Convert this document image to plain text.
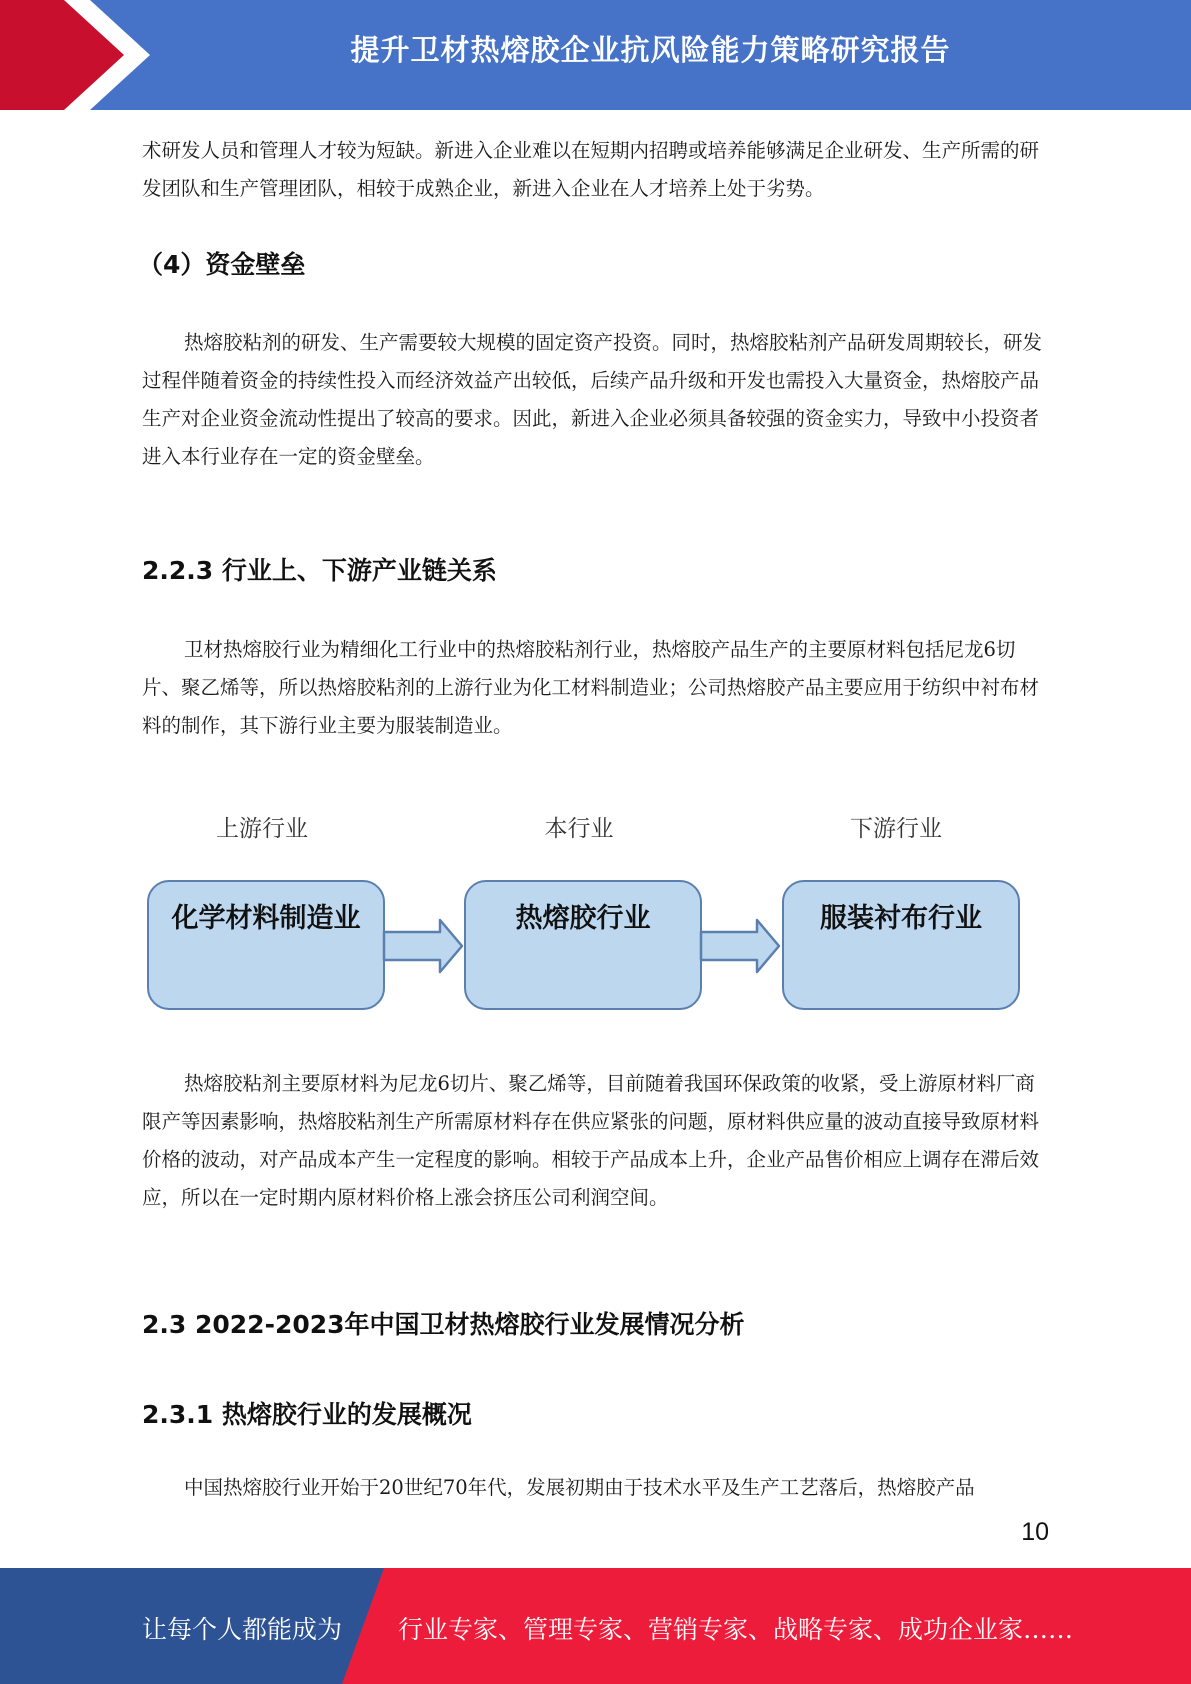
提升卫材热熔胶企业抗风险能力策略研究报告

术研发人员和管理人才较为短缺。新进入企业难以在短期内招聘或培养能够满足企业研发、生产所需的研发团队和生产管理团队，相较于成熟企业，新进入企业在人才培养上处于劣势。

（4）资金壁垒

热熔胶粘剂的研发、生产需要较大规模的固定资产投资。同时，热熔胶粘剂产品研发周期较长，研发过程伴随着资金的持续性投入而经济效益产出较低，后续产品升级和开发也需投入大量资金，热熔胶产品生产对企业资金流动性提出了较高的要求。因此，新进入企业必须具备较强的资金实力，导致中小投资者进入本行业存在一定的资金壁垒。

2.2.3 行业上、下游产业链关系

卫材热熔胶行业为精细化工行业中的热熔胶粘剂行业，热熔胶产品生产的主要原材料包括尼龙6切片、聚乙烯等，所以热熔胶粘剂的上游行业为化工材料制造业；公司热熔胶产品主要应用于纺织中衬布材料的制作，其下游行业主要为服装制造业。

上游行业	本行业	下游行业
化学材料制造业	热熔胶行业	服装衬布行业

热熔胶粘剂主要原材料为尼龙6切片、聚乙烯等，目前随着我国环保政策的收紧，受上游原材料厂商限产等因素影响，热熔胶粘剂生产所需原材料存在供应紧张的问题，原材料供应量的波动直接导致原材料价格的波动，对产品成本产生一定程度的影响。相较于产品成本上升，企业产品售价相应上调存在滞后效应，所以在一定时期内原材料价格上涨会挤压公司利润空间。

2.3 2022-2023年中国卫材热熔胶行业发展情况分析
2.3.1 热熔胶行业的发展概况

中国热熔胶行业开始于20世纪70年代，发展初期由于技术水平及生产工艺落后，热熔胶产品

10
让每个人都能成为 行业专家、管理专家、营销专家、战略专家、成功企业家……
